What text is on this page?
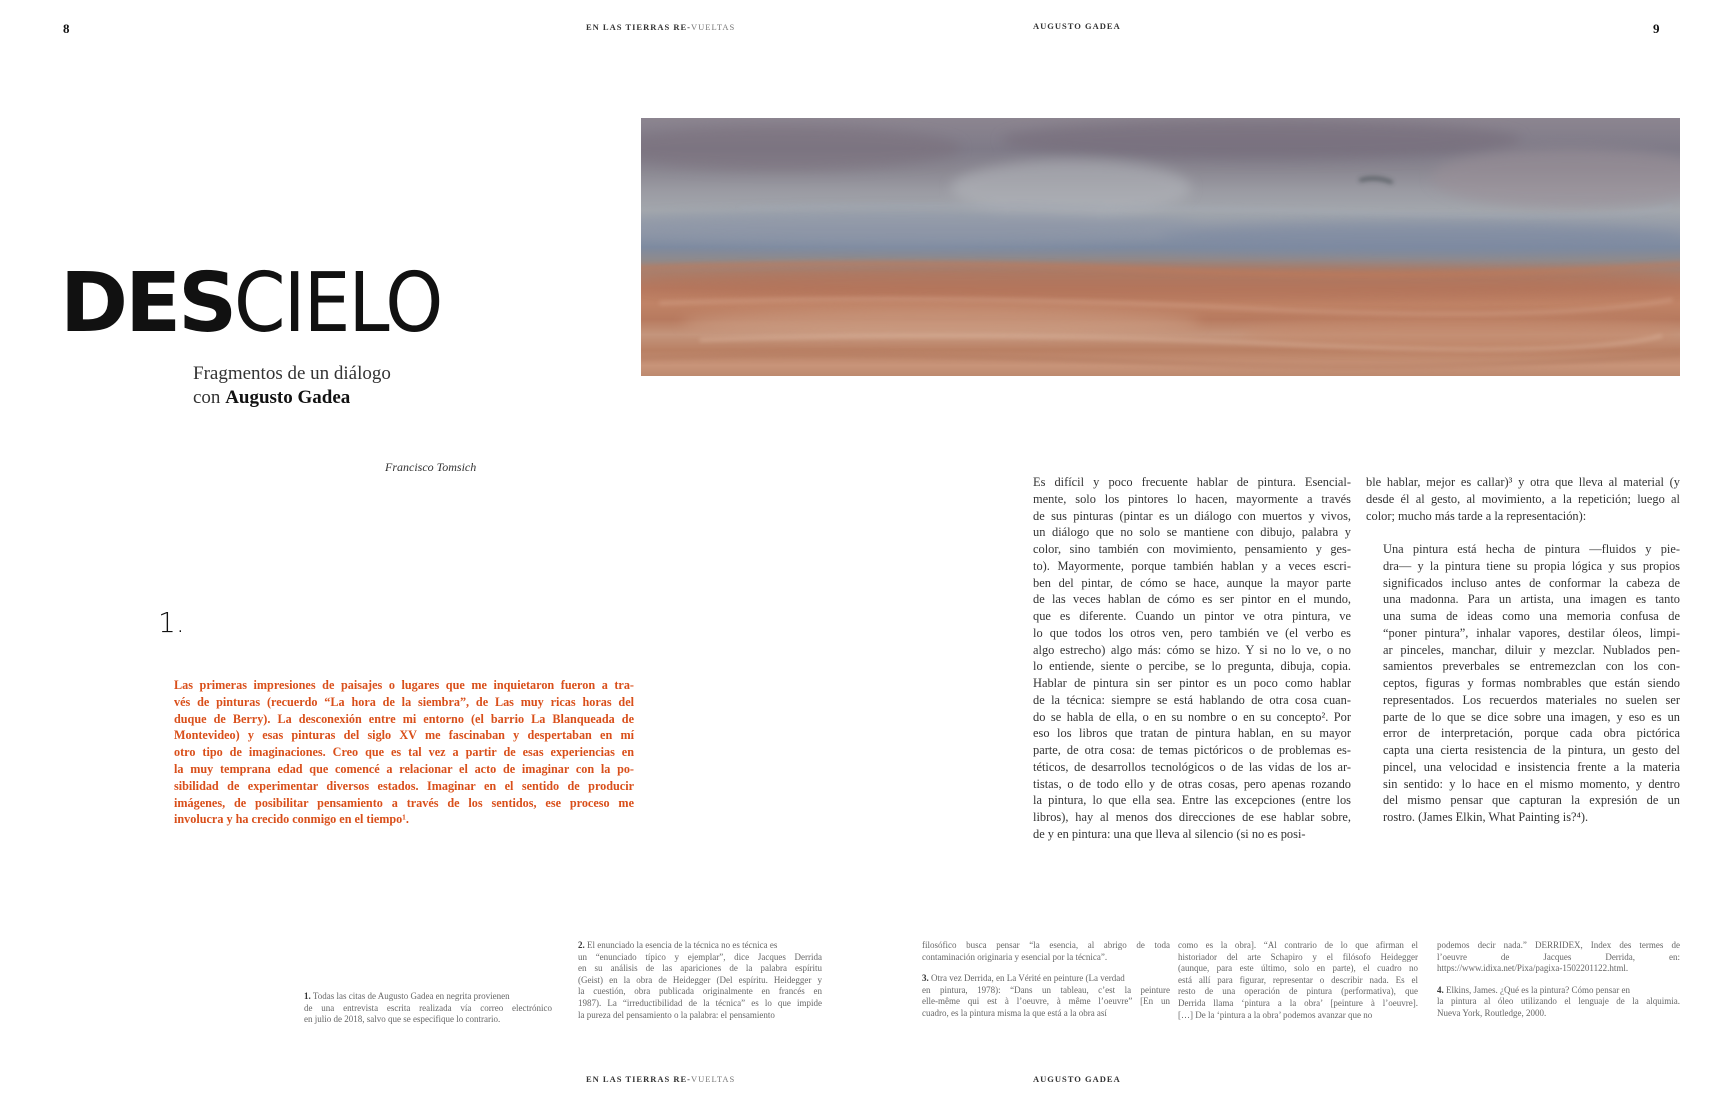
8	EN LAS TIERRAS RE-VUELTAS
DESCIELO
Fragmentos de un diálogo
con Augusto Gadea
Francisco Tomsich
1.
Las primeras impresiones de paisajes o lugares que me inquietaron fueron a tra-
vés de pinturas (recuerdo “La hora de la siembra”, de Las muy ricas horas del
duque de Berry). La desconexión entre mi entorno (el barrio La Blanqueada de
Montevideo) y esas pinturas del siglo XV me fascinaban y despertaban en mí
otro tipo de imaginaciones. Creo que es tal vez a partir de esas experiencias en
la muy temprana edad que comencé a relacionar el acto de imaginar con la po-
sibilidad de experimentar diversos estados. Imaginar en el sentido de producir
imágenes, de posibilitar pensamiento a través de los sentidos, ese proceso me
involucra y ha crecido conmigo en el tiempo¹.
1. Todas las citas de Augusto Gadea en negrita provienen
de una entrevista escrita realizada vía correo electrónico
en julio de 2018, salvo que se especifique lo contrario.
2. El enunciado la esencia de la técnica no es técnica es
un “enunciado típico y ejemplar”, dice Jacques Derrida
en su análisis de las apariciones de la palabra espíritu
(Geist) en la obra de Heidegger (Del espíritu. Heidegger y
la cuestión, obra publicada originalmente en francés en
1987). La “irreductibilidad de la técnica” es lo que impide
la pureza del pensamiento o la palabra: el pensamiento
EN LAS TIERRAS RE-VUELTAS
AUGUSTO GADEA	9
Es difícil y poco frecuente hablar de pintura. Esencial-
mente, solo los pintores lo hacen, mayormente a través
de sus pinturas (pintar es un diálogo con muertos y vivos,
un diálogo que no solo se mantiene con dibujo, palabra y
color, sino también con movimiento, pensamiento y ges-
to). Mayormente, porque también hablan y a veces escri-
ben del pintar, de cómo se hace, aunque la mayor parte
de las veces hablan de cómo es ser pintor en el mundo,
que es diferente. Cuando un pintor ve otra pintura, ve
lo que todos los otros ven, pero también ve (el verbo es
algo estrecho) algo más: cómo se hizo. Y si no lo ve, o no
lo entiende, siente o percibe, se lo pregunta, dibuja, copia.
Hablar de pintura sin ser pintor es un poco como hablar
de la técnica: siempre se está hablando de otra cosa cuan-
do se habla de ella, o en su nombre o en su concepto². Por
eso los libros que tratan de pintura hablan, en su mayor
parte, de otra cosa: de temas pictóricos o de problemas es-
téticos, de desarrollos tecnológicos o de las vidas de los ar-
tistas, o de todo ello y de otras cosas, pero apenas rozando
la pintura, lo que ella sea. Entre las excepciones (entre los
libros), hay al menos dos direcciones de ese hablar sobre,
de y en pintura: una que lleva al silencio (si no es posi-
ble hablar, mejor es callar)³ y otra que lleva al material (y
desde él al gesto, al movimiento, a la repetición; luego al
color; mucho más tarde a la representación):
Una pintura está hecha de pintura —fluidos y pie-
dra— y la pintura tiene su propia lógica y sus propios
significados incluso antes de conformar la cabeza de
una madonna. Para un artista, una imagen es tanto
una suma de ideas como una memoria confusa de
“poner pintura”, inhalar vapores, destilar óleos, limpi-
ar pinceles, manchar, diluir y mezclar. Nublados pen-
samientos preverbales se entremezclan con los con-
ceptos, figuras y formas nombrables que están siendo
representados. Los recuerdos materiales no suelen ser
parte de lo que se dice sobre una imagen, y eso es un
error de interpretación, porque cada obra pictórica
capta una cierta resistencia de la pintura, un gesto del
pincel, una velocidad e insistencia frente a la materia
sin sentido: y lo hace en el mismo momento, y dentro
del mismo pensar que capturan la expresión de un
rostro. (James Elkin, What Painting is?⁴).
filosófico busca pensar “la esencia, al abrigo de toda
contaminación originaria y esencial por la técnica”.
3. Otra vez Derrida, en La Vérité en peinture (La verdad
en pintura, 1978): “Dans un tableau, c’est la peinture
elle-même qui est à l’oeuvre, à même l’oeuvre” [En un
cuadro, es la pintura misma la que está a la obra así
como es la obra]. “Al contrario de lo que afirman el
historiador del arte Schapiro y el filósofo Heidegger
(aunque, para este último, solo en parte), el cuadro no
está allí para figurar, representar o describir nada. Es el
resto de una operación de pintura (performativa), que
Derrida llama ‘pintura a la obra’ [peinture à l’oeuvre].
[…] De la ‘pintura a la obra’ podemos avanzar que no
podemos decir nada.” DERRIDEX, Index des termes de
l’oeuvre de Jacques Derrida, en:
https://www.idixa.net/Pixa/pagixa-1502201122.html.
4. Elkins, James. ¿Qué es la pintura? Cómo pensar en
la pintura al óleo utilizando el lenguaje de la alquimia.
Nueva York, Routledge, 2000.
AUGUSTO GADEA
